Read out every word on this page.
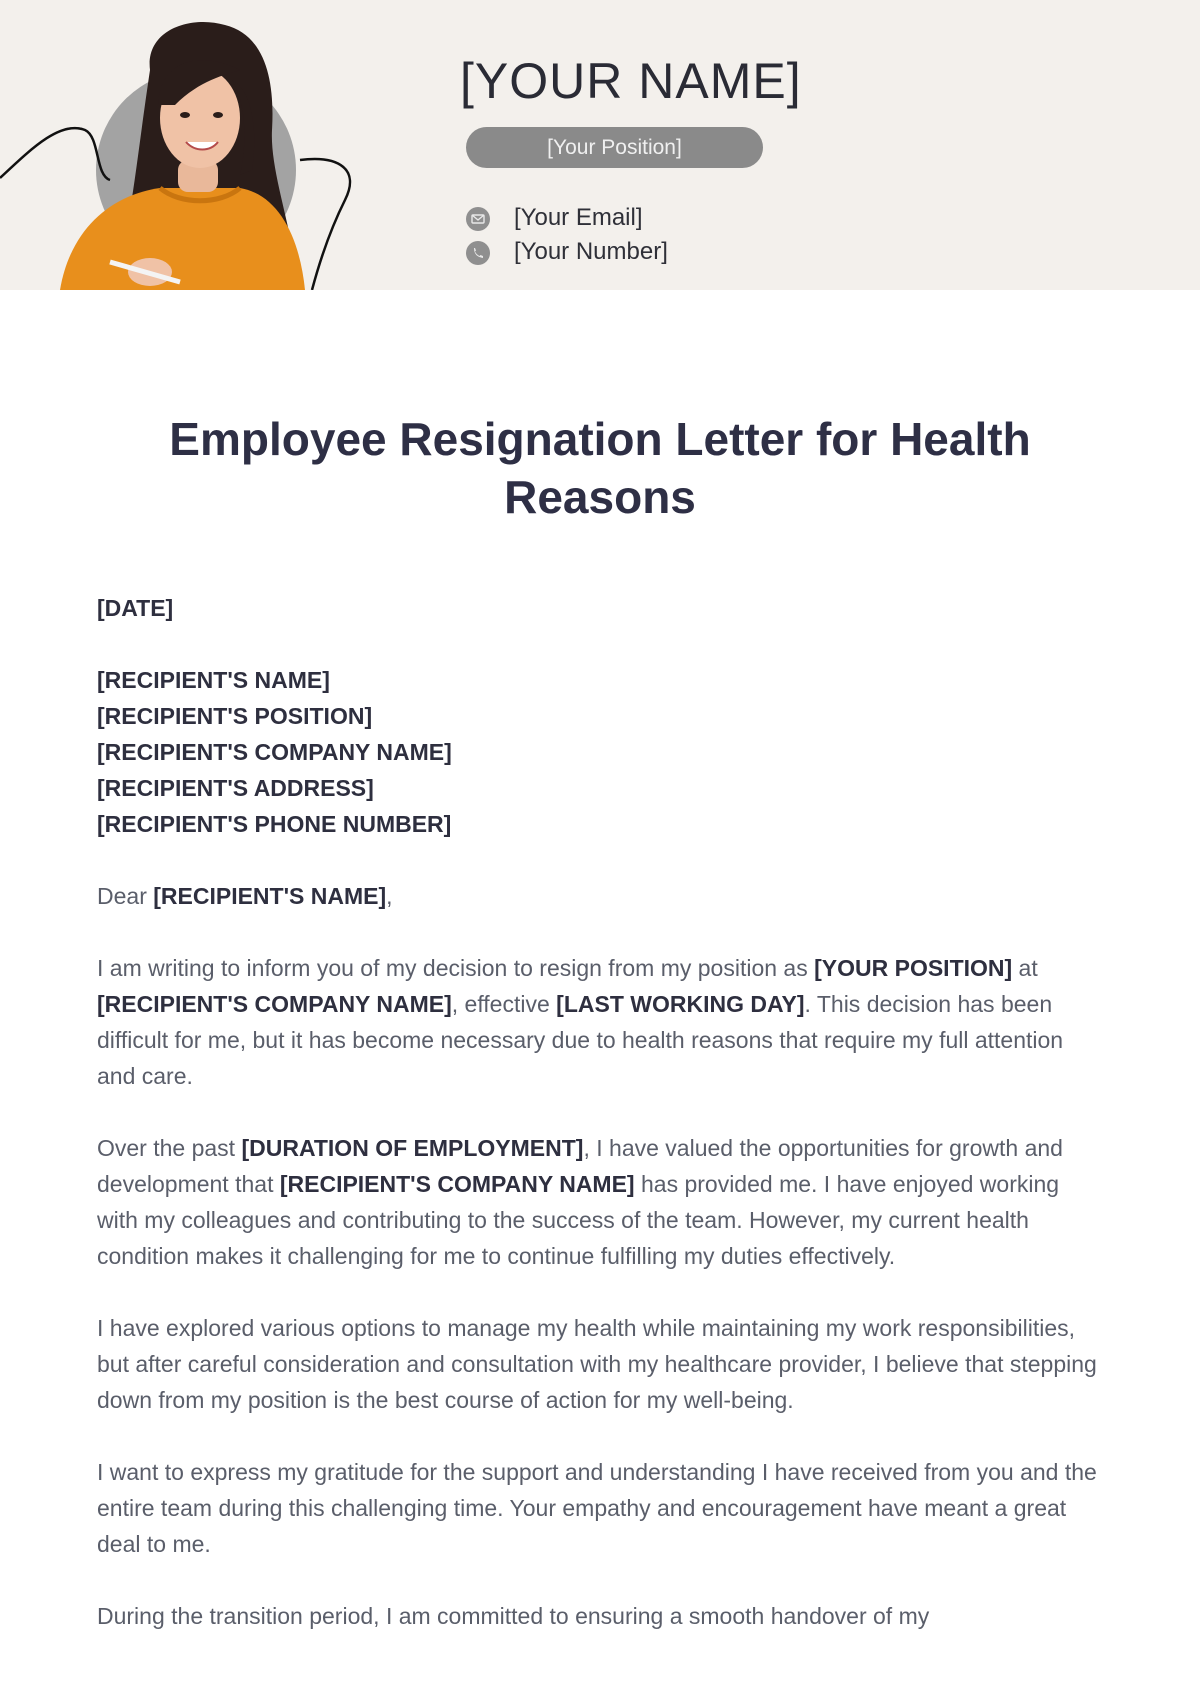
[YOUR NAME]
[Your Position]
[Your Email]
[Your Number]
Employee Resignation Letter for Health
Reasons

[DATE]

[RECIPIENT'S NAME]
[RECIPIENT'S POSITION]
[RECIPIENT'S COMPANY NAME]
[RECIPIENT'S ADDRESS]
[RECIPIENT'S PHONE NUMBER]

Dear [RECIPIENT'S NAME],

I am writing to inform you of my decision to resign from my position as [YOUR POSITION] at [RECIPIENT'S COMPANY NAME], effective [LAST WORKING DAY]. This decision has been difficult for me, but it has become necessary due to health reasons that require my full attention and care.

Over the past [DURATION OF EMPLOYMENT], I have valued the opportunities for growth and development that [RECIPIENT'S COMPANY NAME] has provided me. I have enjoyed working with my colleagues and contributing to the success of the team. However, my current health condition makes it challenging for me to continue fulfilling my duties effectively.

I have explored various options to manage my health while maintaining my work responsibilities, but after careful consideration and consultation with my healthcare provider, I believe that stepping down from my position is the best course of action for my well-being.

I want to express my gratitude for the support and understanding I have received from you and the entire team during this challenging time. Your empathy and encouragement have meant a great deal to me.

During the transition period, I am committed to ensuring a smooth handover of my
